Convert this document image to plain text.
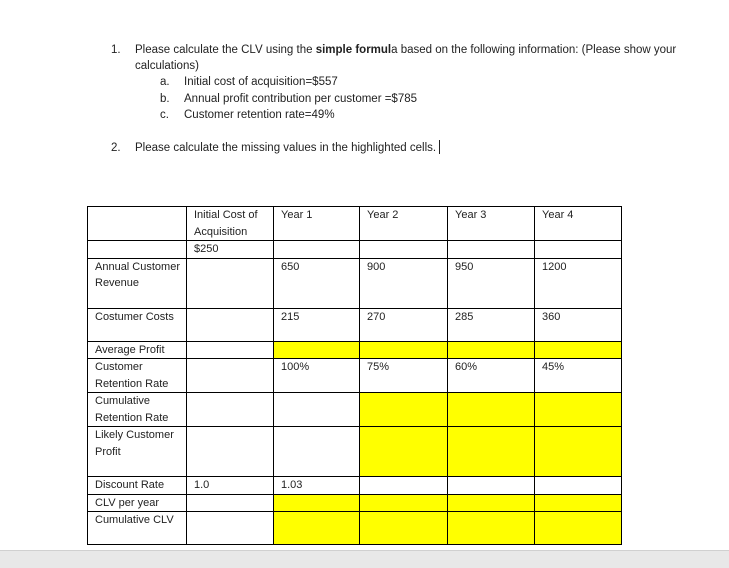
1. Please calculate the CLV using the simple formula based on the following information: (Please show your calculations)
a. Initial cost of acquisition=$557
b. Annual profit contribution per customer =$785
c. Customer retention rate=49%
2. Please calculate the missing values in the highlighted cells.
	Initial Cost of Acquisition	Year 1	Year 2	Year 3	Year 4
	$250				
Annual Customer Revenue		650	900	950	1200
Costumer Costs		215	270	285	360
Average Profit					
Customer Retention Rate		100%	75%	60%	45%
Cumulative Retention Rate					
Likely Customer Profit					
Discount Rate	1.0	1.03			
CLV per year					
Cumulative CLV					
